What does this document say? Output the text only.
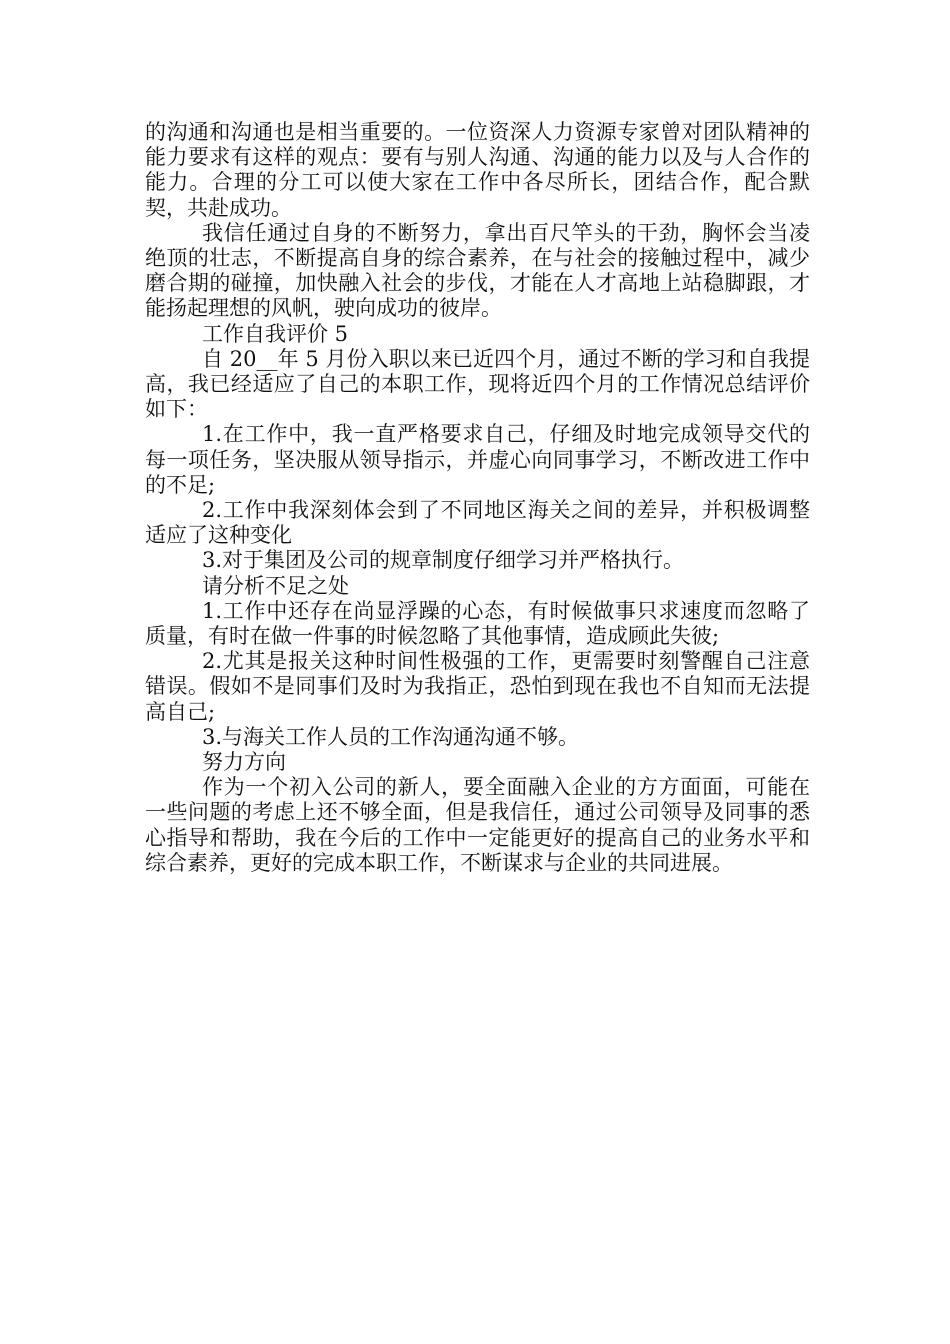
的沟通和沟通也是相当重要的。一位资深人力资源专家曾对团队精神的能力要求有这样的观点：要有与别人沟通、沟通的能力以及与人合作的能力。合理的分工可以使大家在工作中各尽所长，团结合作，配合默契，共赴成功。

我信任通过自身的不断努力，拿出百尺竿头的干劲，胸怀会当凌绝顶的壮志，不断提高自身的综合素养，在与社会的接触过程中，减少磨合期的碰撞，加快融入社会的步伐，才能在人才高地上站稳脚跟，才能扬起理想的风帆，驶向成功的彼岸。

工作自我评价 5

自 20__年 5 月份入职以来已近四个月，通过不断的学习和自我提高，我已经适应了自己的本职工作，现将近四个月的工作情况总结评价如下：

1.在工作中，我一直严格要求自己，仔细及时地完成领导交代的每一项任务，坚决服从领导指示，并虚心向同事学习，不断改进工作中的不足;

2.工作中我深刻体会到了不同地区海关之间的差异，并积极调整适应了这种变化

3.对于集团及公司的规章制度仔细学习并严格执行。

请分析不足之处

1.工作中还存在尚显浮躁的心态，有时候做事只求速度而忽略了质量，有时在做一件事的时候忽略了其他事情，造成顾此失彼;

2.尤其是报关这种时间性极强的工作，更需要时刻警醒自己注意错误。假如不是同事们及时为我指正，恐怕到现在我也不自知而无法提高自己;

3.与海关工作人员的工作沟通沟通不够。

努力方向

作为一个初入公司的新人，要全面融入企业的方方面面，可能在一些问题的考虑上还不够全面，但是我信任，通过公司领导及同事的悉心指导和帮助，我在今后的工作中一定能更好的提高自己的业务水平和综合素养，更好的完成本职工作，不断谋求与企业的共同进展。
